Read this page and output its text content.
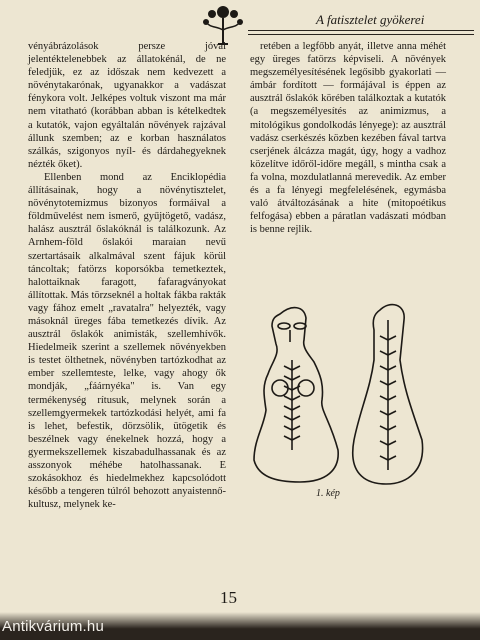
A fatisztelet gyökerei

vényábrázolások persze jóval jelentéktelenebbek az állatokénál, de ne feledjük, ez az időszak nem kedvezett a növénytakarónak, ugyanakkor a vadászat fénykora volt. Jelképes voltuk viszont ma már nem vitatható (korábban abban is kételkedtek a kutatók, vajon egyáltalán növények rajzával állunk szemben; az e korban használatos szálkás, szigonyos nyíl- és dárdahegyeknek nézték őket).

Ellenben mond az Enciklopédia állításainak, hogy a növénytisztelet, növénytotemizmus bizonyos formáival a földművelést nem ismerő, gyűjtögető, vadász, halász ausztrál őslakóknál is találkozunk. Az Arnhem-föld őslakói maraian nevű szertartásaik alkalmával szent fájuk körül táncoltak; fatörzs koporsókba temetkeztek, halottaiknak faragott, fafaragványokat állítottak. Más törzseknél a holtak fákba rakták vagy fához emelt „ravatalra" helyezték, vagy másoknál üreges fába temetkezés dívik. Az ausztrál őslakók animisták, szellemhívők. Hiedelmeik szerint a szellemek növényekben is testet ölthetnek, növényben tartózkodhat az ember szellemteste, lelke, vagy ahogy ők mondják, „fáárnyéka" is. Van egy termékenység rítusuk, melynek során a szellemgyermekek tartózkodási helyét, ami fa is lehet, befestik, dörzsölik, ütögetik és beszélnek vagy énekelnek hozzá, hogy a gyermekszellemek kiszabadulhassanak és az asszonyok méhébe hatolhassanak. E szokásokhoz és hiedelmekhez kapcsolódott később a tengeren túlról behozott anyaistennő-kultusz, melynek ke-

retében a legfőbb anyát, illetve anna méhét egy üreges fatörzs képviseli. A növények megszemélyesítésének legősibb gyakorlati — ámbár fordított — formájával is éppen az ausztrál őslakók körében találkoztak a kutatók (a megszemélyesítés az animizmus, a mitológikus gondolkodás lényege): az ausztrál vadász cserkészés közben kezében fával tartva cserjének álcázza magát, úgy, hogy a vadhoz közelítve időről-időre megáll, s mintha csak a fa volna, mozdulatlanná merevedik. Az ember és a fa lényegi megfelelésének, egymásba való átváltozásának a hite (mitopoétikus felfogása) ebben a páratlan vadászati módban is benne rejlik.

1. kép
15
Antikvárium.hu
